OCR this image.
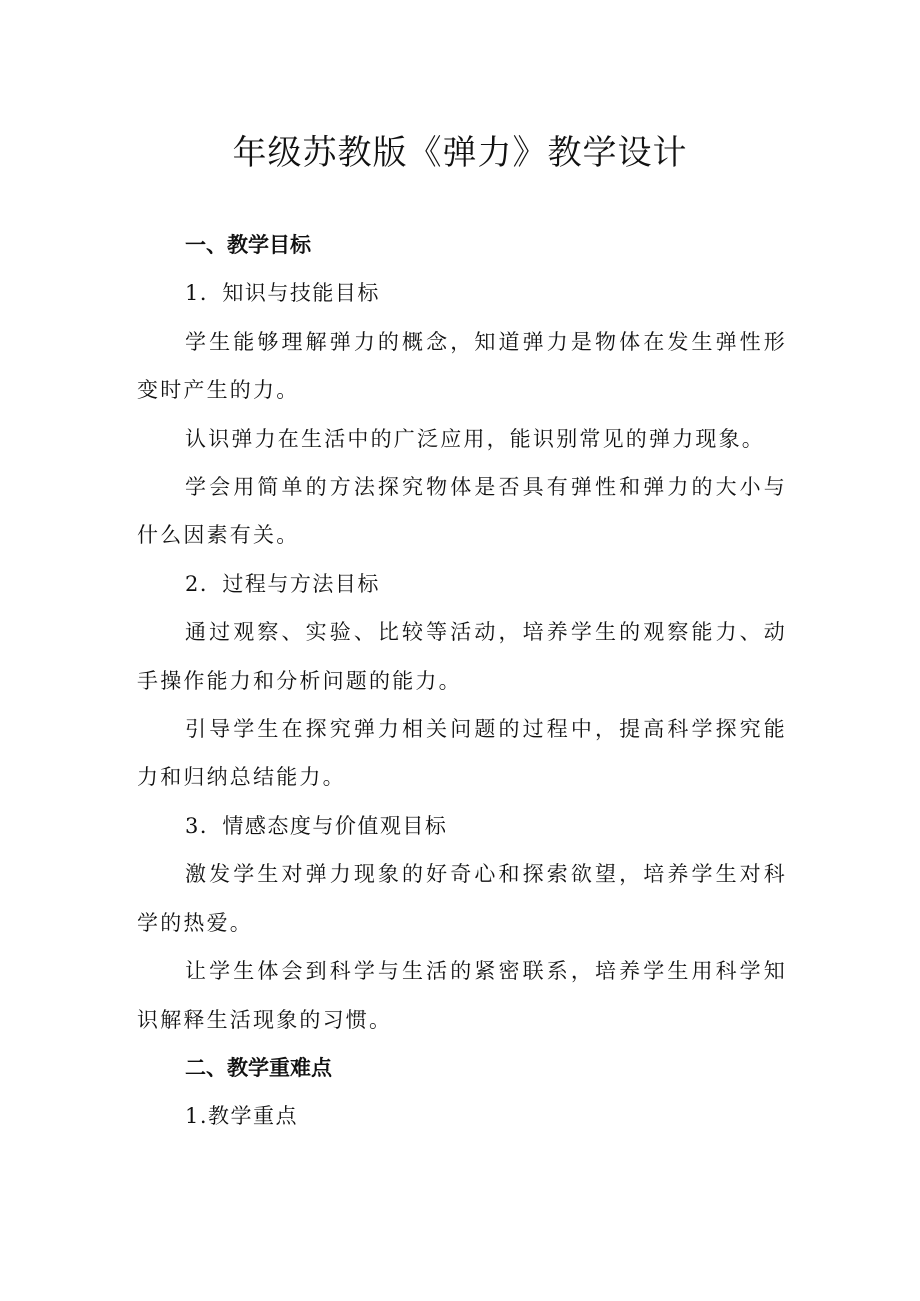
年级苏教版《弹力》教学设计

一、教学目标

1．知识与技能目标

学生能够理解弹力的概念，知道弹力是物体在发生弹性形变时产生的力。

认识弹力在生活中的广泛应用，能识别常见的弹力现象。

学会用简单的方法探究物体是否具有弹性和弹力的大小与什么因素有关。

2．过程与方法目标

通过观察、实验、比较等活动，培养学生的观察能力、动手操作能力和分析问题的能力。

引导学生在探究弹力相关问题的过程中，提高科学探究能力和归纳总结能力。

3．情感态度与价值观目标

激发学生对弹力现象的好奇心和探索欲望，培养学生对科学的热爱。

让学生体会到科学与生活的紧密联系，培养学生用科学知识解释生活现象的习惯。

二、教学重难点

1.教学重点
